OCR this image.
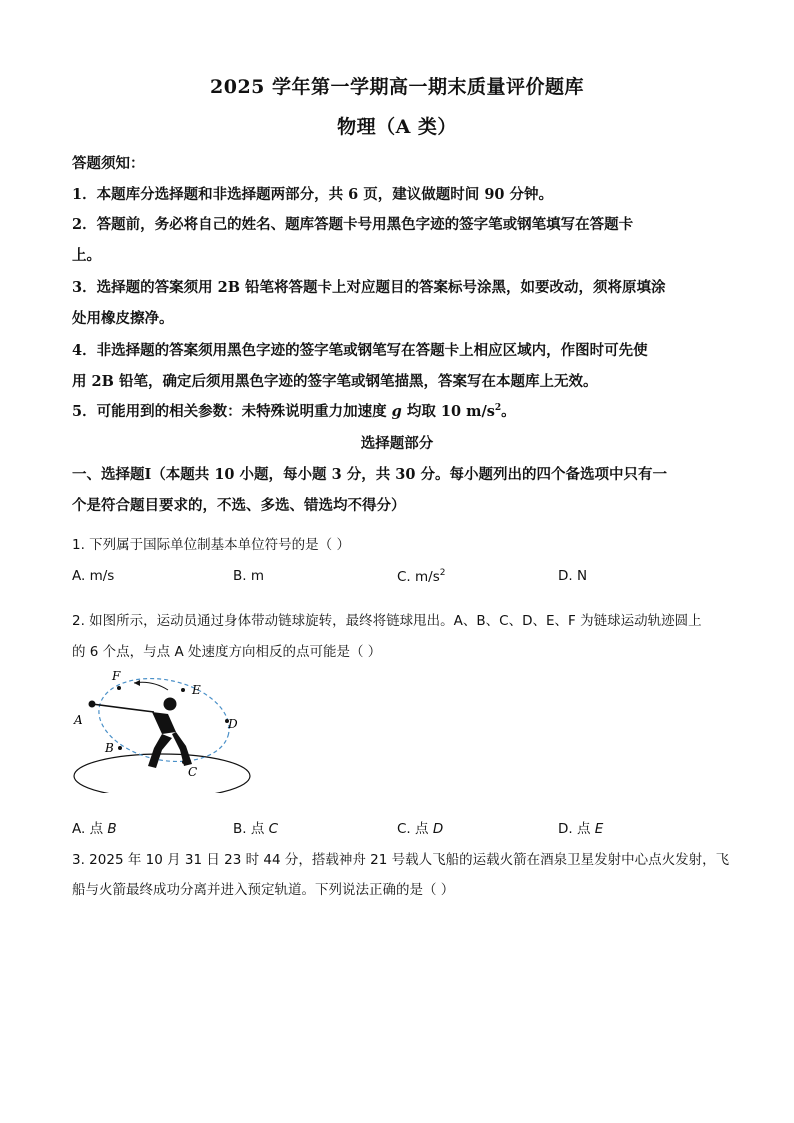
2025 学年第一学期高一期末质量评价题库
物理（A 类）
答题须知：
1．本题库分选择题和非选择题两部分，共 6 页，建议做题时间 90 分钟。
2．答题前，务必将自己的姓名、题库答题卡号用黑色字迹的签字笔或钢笔填写在答题卡
上。
3．选择题的答案须用 2B 铅笔将答题卡上对应题目的答案标号涂黑，如要改动，须将原填涂
处用橡皮擦净。
4．非选择题的答案须用黑色字迹的签字笔或钢笔写在答题卡上相应区域内，作图时可先使
用 2B 铅笔，确定后须用黑色字迹的签字笔或钢笔描黑，答案写在本题库上无效。
5．可能用到的相关参数：未特殊说明重力加速度 g 均取 10 $m/s^2$。
选择题部分
一、选择题Ⅰ（本题共 10 小题，每小题 3 分，共 30 分。每小题列出的四个备选项中只有一
个是符合题目要求的，不选、多选、错选均不得分）
1. 下列属于国际单位制基本单位符号的是（ ）
A. m/s	B. m	C. $m/s^2$	D. N
2. 如图所示，运动员通过身体带动链球旋转，最终将链球甩出。A、B、C、D、E、F 为链球运动轨迹圆上
的 6 个点，与点 A 处速度方向相反的点可能是（ ）
F
E
A	D
B
C
A. 点 B	B. 点 C	C. 点 D	D. 点 E
3. 2025 年 10 月 31 日 23 时 44 分，搭载神舟 21 号载人飞船的运载火箭在酒泉卫星发射中心点火发射，飞
船与火箭最终成功分离并进入预定轨道。下列说法正确的是（ ）
